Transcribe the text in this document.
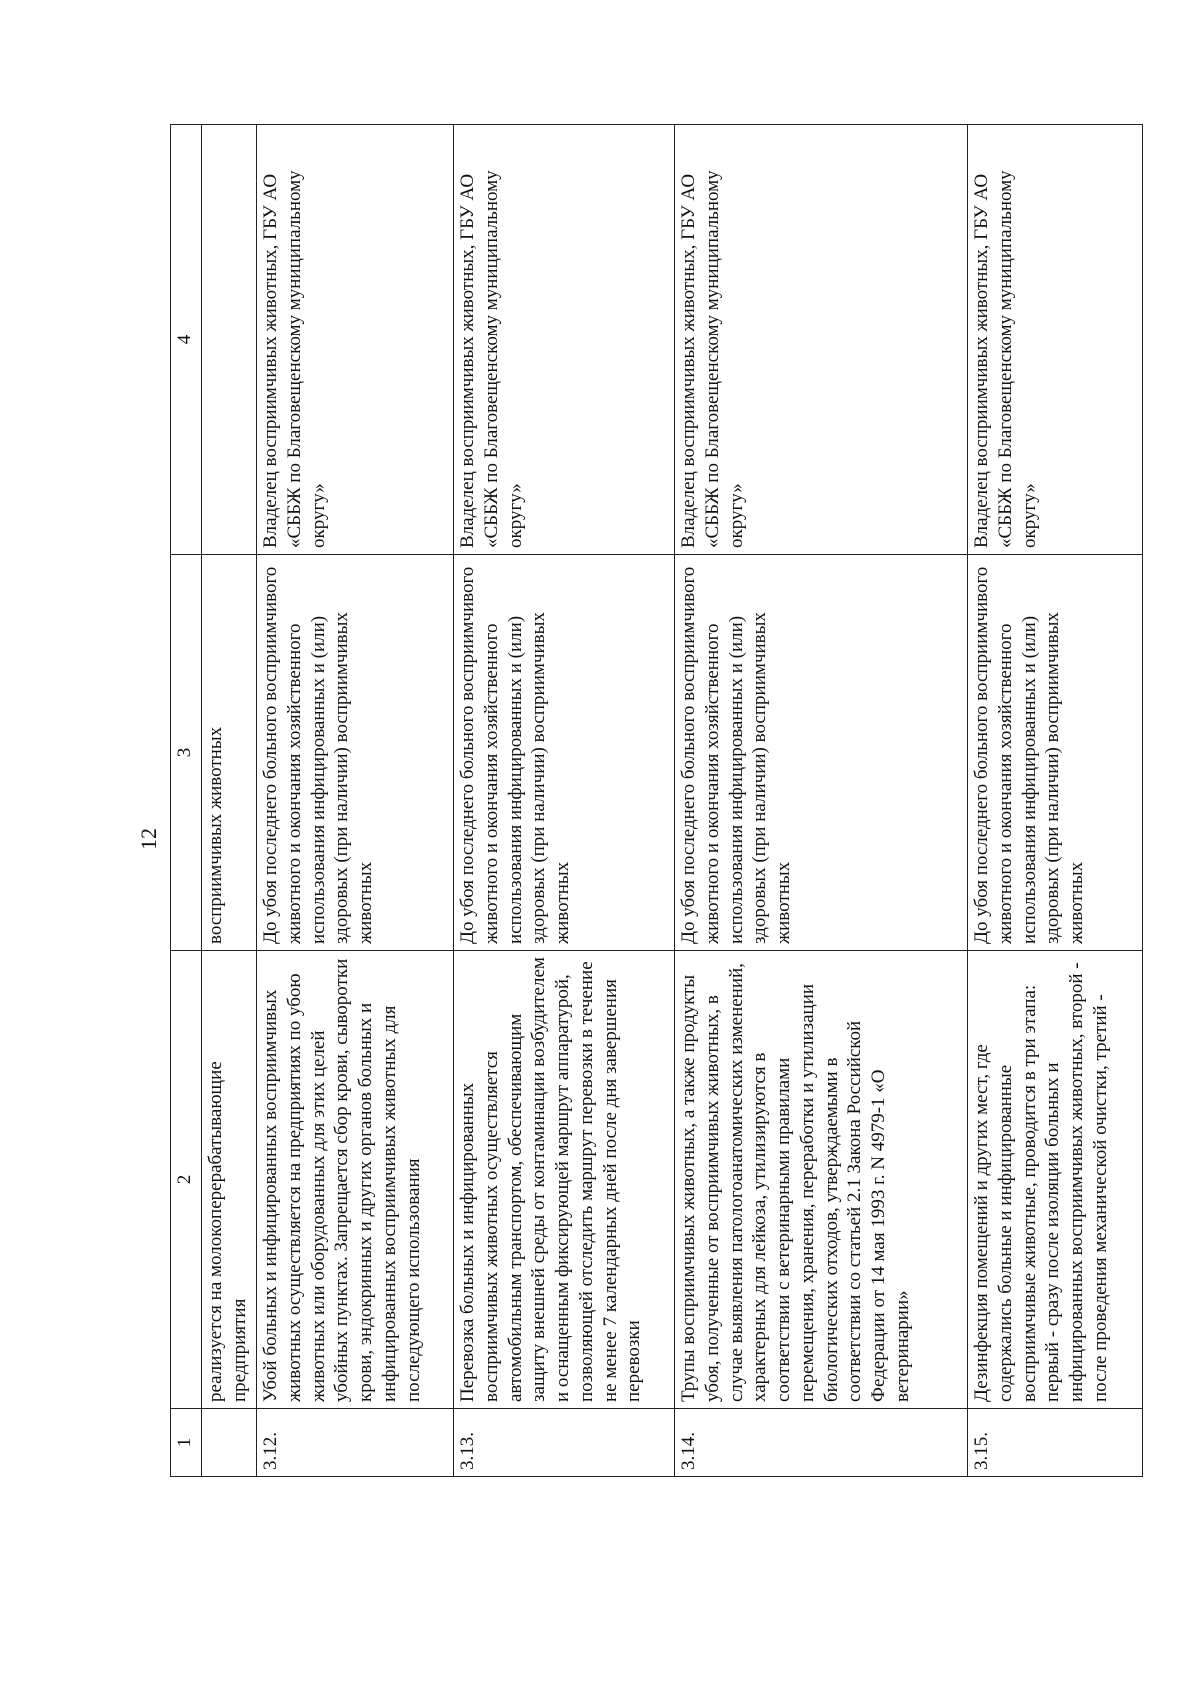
12
1	2	3	4
	реализуется на молокоперерабатывающие предприятия	восприимчивых животных	
3.12.	Убой больных и инфицированных восприимчивых животных осуществляется на предприятиях по убою животных или оборудованных для этих целей убойных пунктах. Запрещается сбор крови, сыворотки крови, эндокринных и других органов больных и инфицированных восприимчивых животных для последующего использования	До убоя последнего больного восприимчивого животного и окончания хозяйственного использования инфицированных и (или) здоровых (при наличии) восприимчивых животных	Владелец восприимчивых животных, ГБУ АО «СББЖ по Благовещенскому муниципальному округу»
3.13.	Перевозка больных и инфицированных восприимчивых животных осуществляется автомобильным транспортом, обеспечивающим защиту внешней среды от контаминации возбудителем и оснащенным фиксирующей маршрут аппаратурой, позволяющей отследить маршрут перевозки в течение не менее 7 календарных дней после дня завершения перевозки	До убоя последнего больного восприимчивого животного и окончания хозяйственного использования инфицированных и (или) здоровых (при наличии) восприимчивых животных	Владелец восприимчивых животных, ГБУ АО «СББЖ по Благовещенскому муниципальному округу»
3.14.	Трупы восприимчивых животных, а также продукты убоя, полученные от восприимчивых животных, в случае выявления патологоанатомических изменений, характерных для лейкоза, утилизируются в соответствии с ветеринарными правилами перемещения, хранения, переработки и утилизации биологических отходов, утверждаемыми в соответствии со статьей 2.1 Закона Российской Федерации от 14 мая 1993 г. N 4979-1 «О ветеринарии»	До убоя последнего больного восприимчивого животного и окончания хозяйственного использования инфицированных и (или) здоровых (при наличии) восприимчивых животных	Владелец восприимчивых животных, ГБУ АО «СББЖ по Благовещенскому муниципальному округу»
3.15.	Дезинфекция помещений и других мест, где содержались больные и инфицированные восприимчивые животные, проводится в три этапа: первый - сразу после изоляции больных и инфицированных восприимчивых животных, второй - после проведения механической очистки, третий -	До убоя последнего больного восприимчивого животного и окончания хозяйственного использования инфицированных и (или) здоровых (при наличии) восприимчивых животных	Владелец восприимчивых животных, ГБУ АО «СББЖ по Благовещенскому муниципальному округу»
